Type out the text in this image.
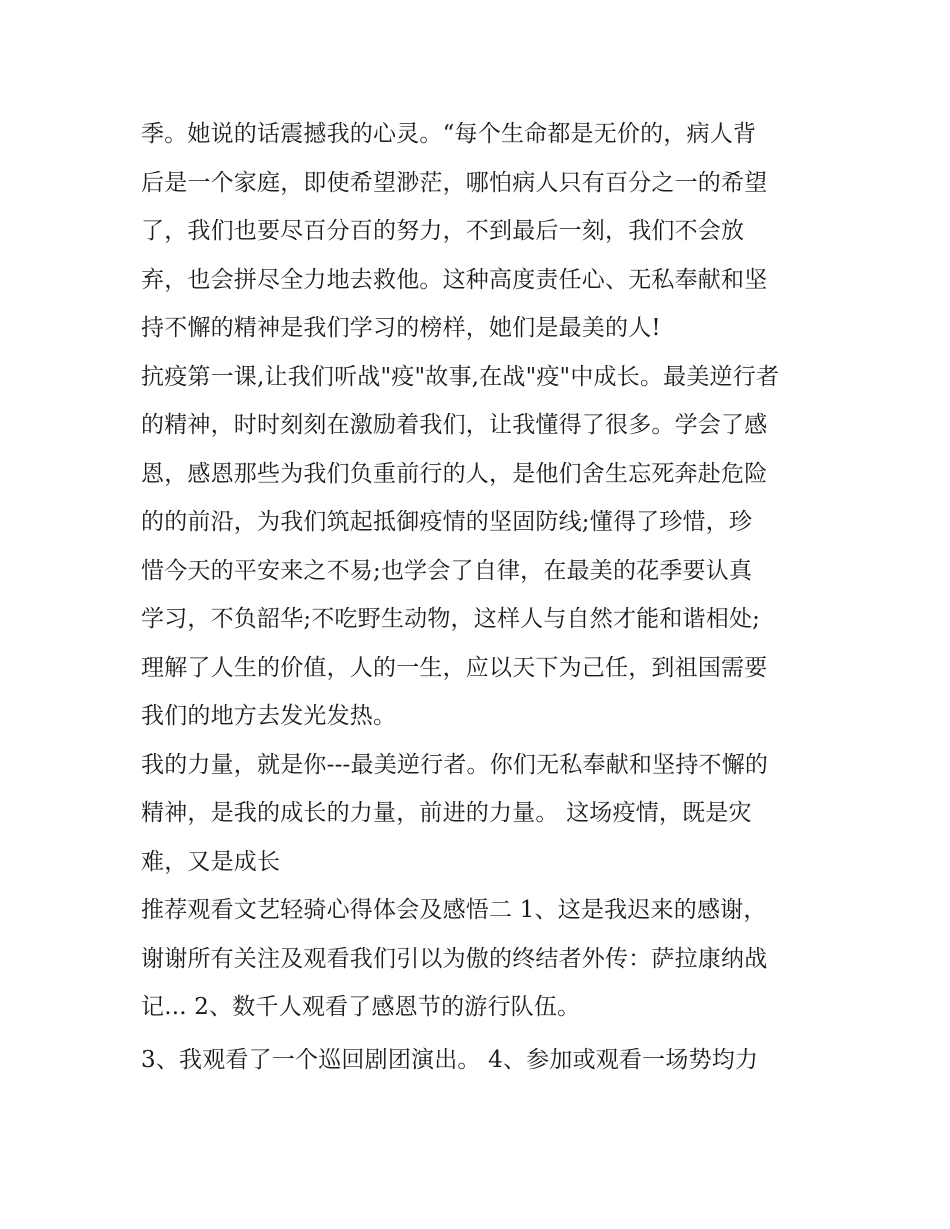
季。她说的话震撼我的心灵。“每个生命都是无价的，病人背

后是一个家庭，即使希望渺茫，哪怕病人只有百分之一的希望

了，我们也要尽百分百的努力，不到最后一刻，我们不会放

弃，也会拼尽全力地去救他。这种高度责任心、无私奉献和坚

持不懈的精神是我们学习的榜样，她们是最美的人!

抗疫第一课,让我们听战"疫"故事,在战"疫"中成长。最美逆行者

的精神，时时刻刻在激励着我们，让我懂得了很多。学会了感

恩，感恩那些为我们负重前行的人，是他们舍生忘死奔赴危险

的的前沿，为我们筑起抵御疫情的坚固防线;懂得了珍惜，珍

惜今天的平安来之不易;也学会了自律，在最美的花季要认真

学习，不负韶华;不吃野生动物，这样人与自然才能和谐相处;

理解了人生的价值，人的一生，应以天下为己任，到祖国需要

我们的地方去发光发热。

我的力量，就是你---最美逆行者。你们无私奉献和坚持不懈的

精神，是我的成长的力量，前进的力量。 这场疫情，既是灾

难，又是成长

推荐观看文艺轻骑心得体会及感悟二 1、这是我迟来的感谢，

谢谢所有关注及观看我们引以为傲的终结者外传：萨拉康纳战

记... 2、数千人观看了感恩节的游行队伍。

3、我观看了一个巡回剧团演出。 4、参加或观看一场势均力
